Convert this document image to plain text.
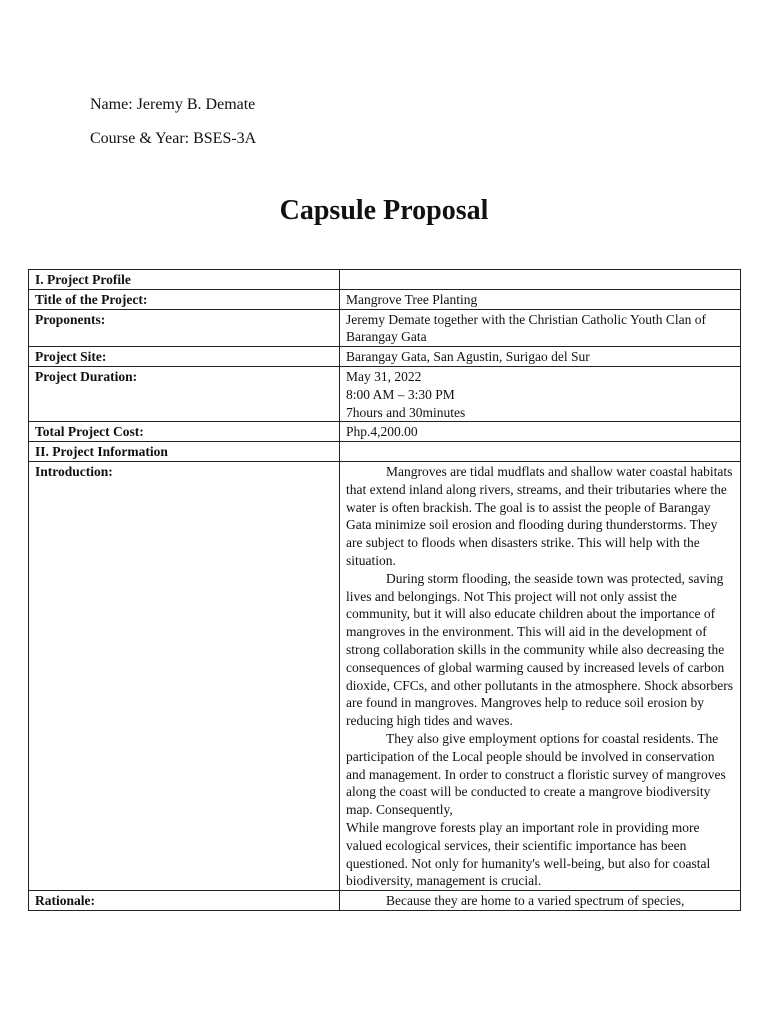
Name: Jeremy B. Demate
Course & Year: BSES-3A
Capsule Proposal
I. Project Profile	
Title of the Project:	Mangrove Tree Planting
Proponents:	Jeremy Demate together with the Christian Catholic Youth Clan of Barangay Gata
Project Site:	Barangay Gata, San Agustin, Surigao del Sur
Project Duration:	May 31, 2022
8:00 AM – 3:30 PM
7hours and 30minutes

Total Project Cost:	Php.4,200.00
II. Project Information	
Introduction:	Mangroves are tidal mudflats and shallow water coastal habitats that extend inland along rivers, streams, and their tributaries where the water is often brackish. The goal is to assist the people of Barangay Gata minimize soil erosion and flooding during thunderstorms. They are subject to floods when disasters strike. This will help with the situation.

During storm flooding, the seaside town was protected, saving lives and belongings. Not This project will not only assist the community, but it will also educate children about the importance of mangroves in the environment. This will aid in the development of strong collaboration skills in the community while also decreasing the consequences of global warming caused by increased levels of carbon dioxide, CFCs, and other pollutants in the atmosphere. Shock absorbers are found in mangroves. Mangroves help to reduce soil erosion by reducing high tides and waves.

They also give employment options for coastal residents. The participation of the Local people should be involved in conservation and management. In order to construct a floristic survey of mangroves along the coast will be conducted to create a mangrove biodiversity map. Consequently,

While mangrove forests play an important role in providing more valued ecological services, their scientific importance has been questioned. Not only for humanity's well-being, but also for coastal biodiversity, management is crucial.

Rationale:	Because they are home to a varied spectrum of species,
